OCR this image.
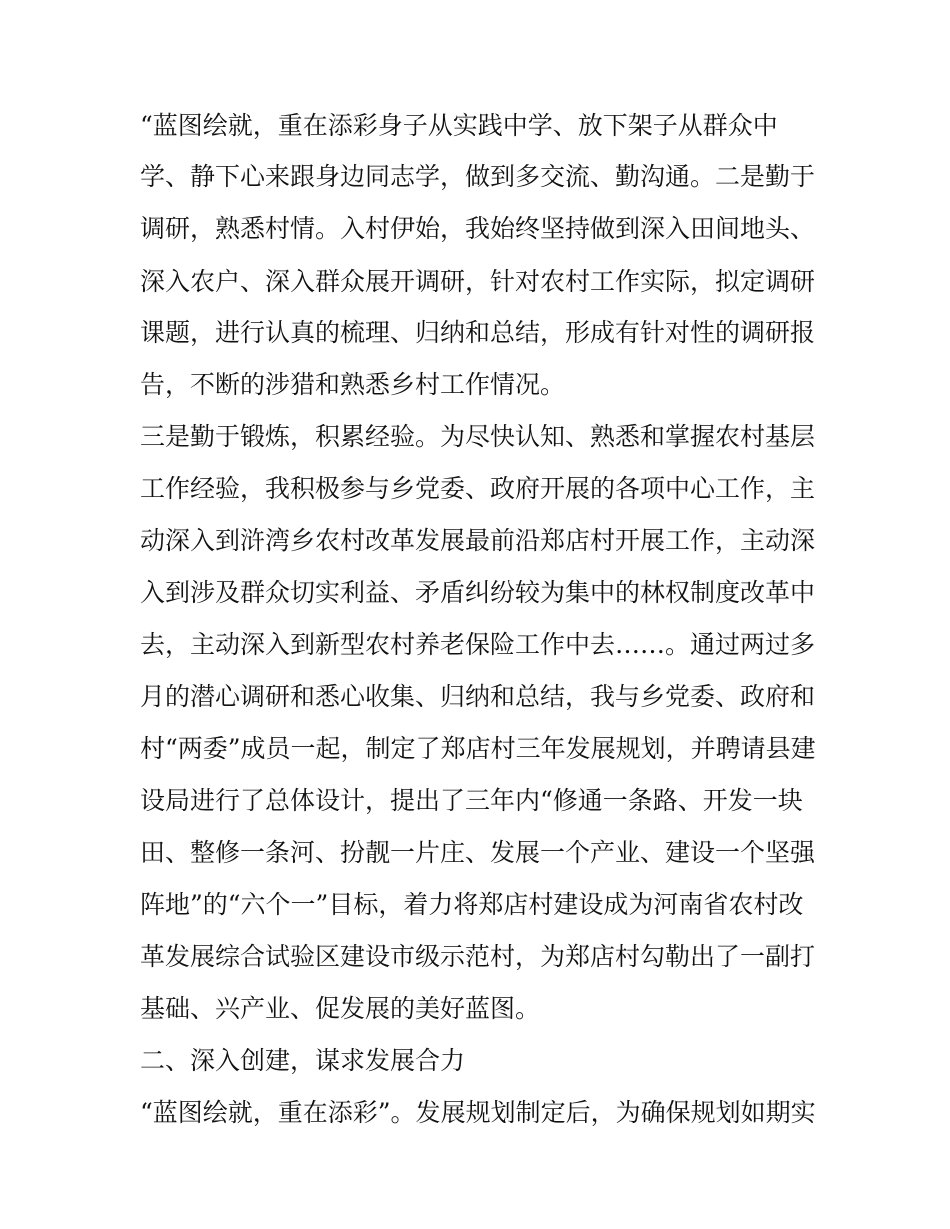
“蓝图绘就，重在添彩身子从实践中学、放下架子从群众中
学、静下心来跟身边同志学，做到多交流、勤沟通。二是勤于
调研，熟悉村情。入村伊始，我始终坚持做到深入田间地头、
深入农户、深入群众展开调研，针对农村工作实际，拟定调研
课题，进行认真的梳理、归纳和总结，形成有针对性的调研报
告，不断的涉猎和熟悉乡村工作情况。
三是勤于锻炼，积累经验。为尽快认知、熟悉和掌握农村基层
工作经验，我积极参与乡党委、政府开展的各项中心工作，主
动深入到浒湾乡农村改革发展最前沿郑店村开展工作，主动深
入到涉及群众切实利益、矛盾纠纷较为集中的林权制度改革中
去，主动深入到新型农村养老保险工作中去……。通过两过多
月的潜心调研和悉心收集、归纳和总结，我与乡党委、政府和
村“两委”成员一起，制定了郑店村三年发展规划，并聘请县建
设局进行了总体设计，提出了三年内“修通一条路、开发一块
田、整修一条河、扮靓一片庄、发展一个产业、建设一个坚强
阵地”的“六个一”目标，着力将郑店村建设成为河南省农村改
革发展综合试验区建设市级示范村，为郑店村勾勒出了一副打
基础、兴产业、促发展的美好蓝图。
二、深入创建，谋求发展合力
“蓝图绘就，重在添彩”。发展规划制定后，为确保规划如期实
